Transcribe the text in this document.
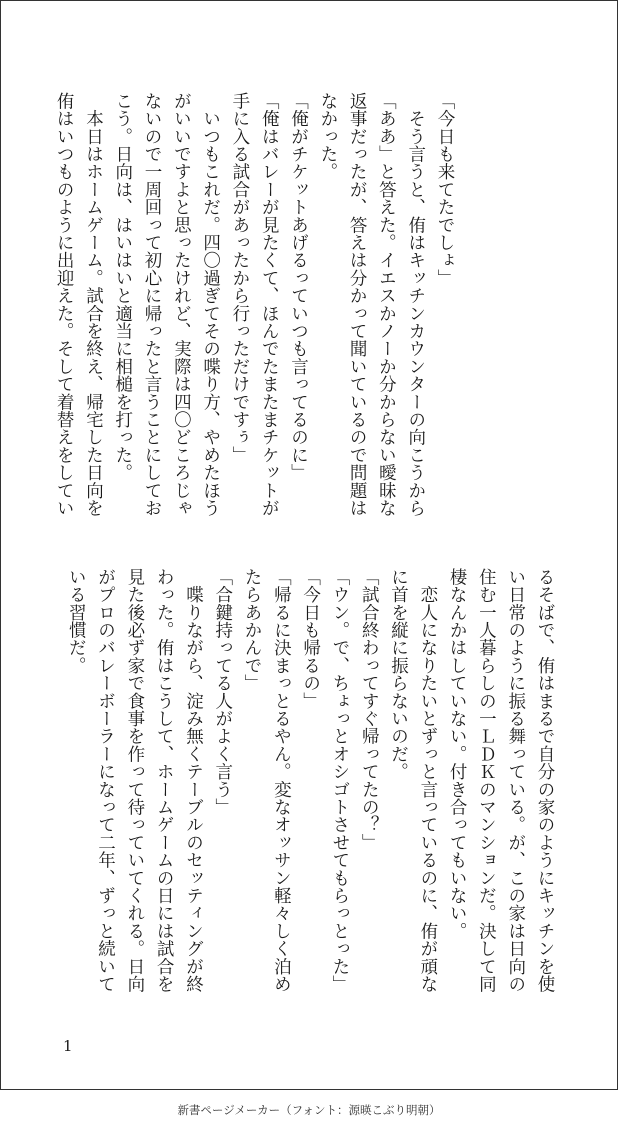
「今日も来てたでしょ」
　そう言うと、侑はキッチンカウンターの向こうから
「ああ」と答えた。イエスかノーか分からない曖昧な
返事だったが、答えは分かって聞いているので問題は
なかった。
「俺がチケットあげるっていつも言ってるのに」
「俺はバレーが見たくて、ほんでたまたまチケットが
手に入る試合があったから行っただけですぅ」
　いつもこれだ。四〇過ぎてその喋り方、やめたほう
がいいですよと思ったけれど、実際は四〇どころじゃ
ないので一周回って初心に帰ったと言うことにしてお
こう。日向は、はいはいと適当に相槌を打った。
　本日はホームゲーム。試合を終え、帰宅した日向を
侑はいつものように出迎えた。そして着替えをしてい
るそばで、侑はまるで自分の家のようにキッチンを使
い日常のように振る舞っている。が、この家は日向の
住む一人暮らしの一ＬＤＫのマンションだ。決して同
棲なんかはしていない。付き合ってもいない。
　恋人になりたいとずっと言っているのに、侑が頑な
に首を縦に振らないのだ。
「試合終わってすぐ帰ってたの？」
「ウン。で、ちょっとオシゴトさせてもらっとった」
「今日も帰るの」
「帰るに決まっとるやん。変なオッサン軽々しく泊め
たらあかんで」
「合鍵持ってる人がよく言う」
　喋りながら、淀み無くテーブルのセッティングが終
わった。侑はこうして、ホームゲームの日には試合を
見た後必ず家で食事を作って待っていてくれる。日向
がプロのバレーボーラーになって二年、ずっと続いて
いる習慣だ。
1
新書ページメーカー（フォント：源暎こぶり明朝）
